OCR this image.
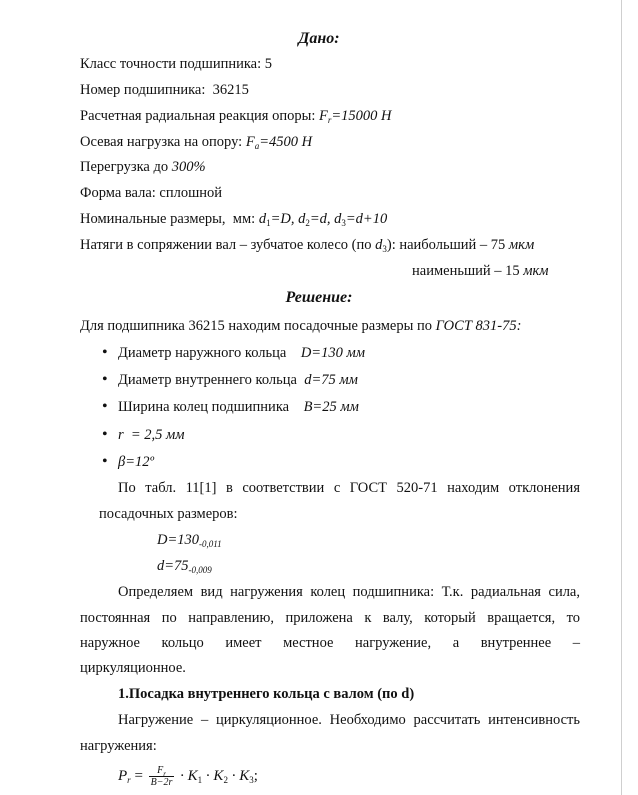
Дано:
Класс точности подшипника: 5
Номер подшипника:  36215
Расчетная радиальная реакция опоры: $F_r=15000$ Н
Осевая нагрузка на опору: $F_a=4500$ Н
Перегрузка до 300%
Форма вала: сплошной
Номинальные размеры,  мм: $d_1=D$, $d_2=d$, $d_3=d+10$
Натяги в сопряжении вал – зубчатое колесо (по $d_3$): наибольший – 75 мкм
наименьший – 15 мкм
Решение:
Для подшипника 36215 находим посадочные размеры по ГОСТ 831-75:
• Диаметр наружного кольца    D=130 мм
• Диаметр внутреннего кольца  d=75 мм
• Ширина колец подшипника    B=25 мм
• r  = 2,5 мм
• β=12º
По табл. 11[1] в соответствии с ГОСТ 520-71 находим отклонения
посадочных размеров:
$D=130_{-0,011}$
$d=75_{-0,009}$
Определяем вид нагружения колец подшипника: Т.к. радиальная сила,
постоянная по направлению, приложена к валу, который вращается, то
наружное кольцо имеет местное нагружение, а внутреннее –
циркуляционное.
1.Посадка внутреннего кольца с валом (по d)
Нагружение – циркуляционное. Необходимо рассчитать интенсивность
нагружения:
$P_r = \frac{F_r}{B-2r} \cdot K_1 \cdot K_2 \cdot K_3$;
